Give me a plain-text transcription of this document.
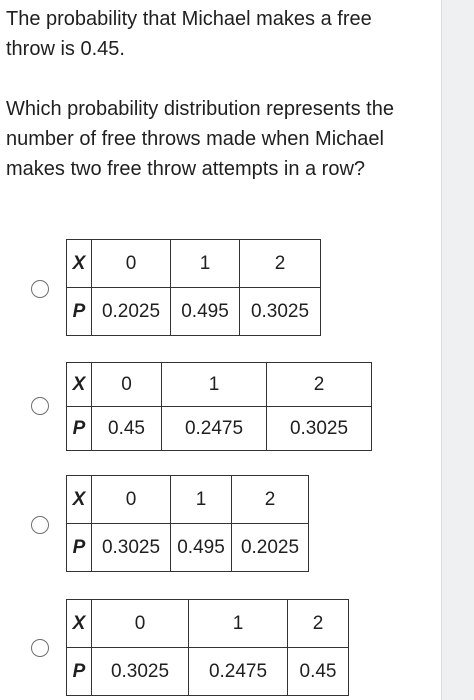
The probability that Michael makes a free throw is 0.45.

Which probability distribution represents the number of free throws made when Michael makes two free throw attempts in a row?

X	0	1	2
P	0.2025	0.495	0.3025
X	0	1	2
P	0.45	0.2475	0.3025
X	0	1	2
P	0.3025	0.495	0.2025
X	0	1	2
P	0.3025	0.2475	0.45
